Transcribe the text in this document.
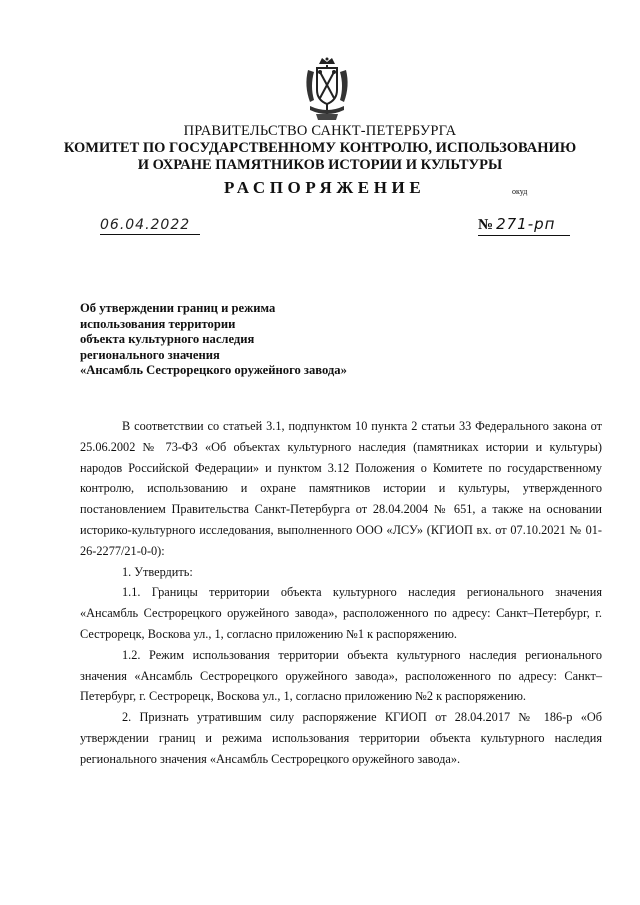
ПРАВИТЕЛЬСТВО САНКТ-ПЕТЕРБУРГА
КОМИТЕТ ПО ГОСУДАРСТВЕННОМУ КОНТРОЛЮ, ИСПОЛЬЗОВАНИЮ
И ОХРАНЕ ПАМЯТНИКОВ ИСТОРИИ И КУЛЬТУРЫ
РАСПОРЯЖЕНИЕ	окуд
06.04.2022	№ 271-рп
Об утверждении границ и режима
использования территории
объекта культурного наследия
регионального значения
«Ансамбль Сестрорецкого оружейного завода»

В соответствии со статьей 3.1, подпунктом 10 пункта 2 статьи 33 Федерального закона от 25.06.2002 № 73-ФЗ «Об объектах культурного наследия (памятниках истории и культуры) народов Российской Федерации» и пунктом 3.12 Положения о Комитете по государственному контролю, использованию и охране памятников истории и культуры, утвержденного постановлением Правительства Санкт-Петербурга от 28.04.2004 № 651, а также на основании историко-культурного исследования, выполненного ООО «ЛСУ» (КГИОП вх. от 07.10.2021 № 01-26-2277/21-0-0):

1. Утвердить:

1.1. Границы территории объекта культурного наследия регионального значения «Ансамбль Сестрорецкого оружейного завода», расположенного по адресу: Санкт–Петербург, г. Сестрорецк, Воскова ул., 1, согласно приложению №1 к распоряжению.

1.2. Режим использования территории объекта культурного наследия регионального значения «Ансамбль Сестрорецкого оружейного завода», расположенного по адресу: Санкт–Петербург, г. Сестрорецк, Воскова ул., 1, согласно приложению №2 к распоряжению.

2. Признать утратившим силу распоряжение КГИОП от 28.04.2017 № 186-р «Об утверждении границ и режима использования территории объекта культурного наследия регионального значения «Ансамбль Сестрорецкого оружейного завода».
